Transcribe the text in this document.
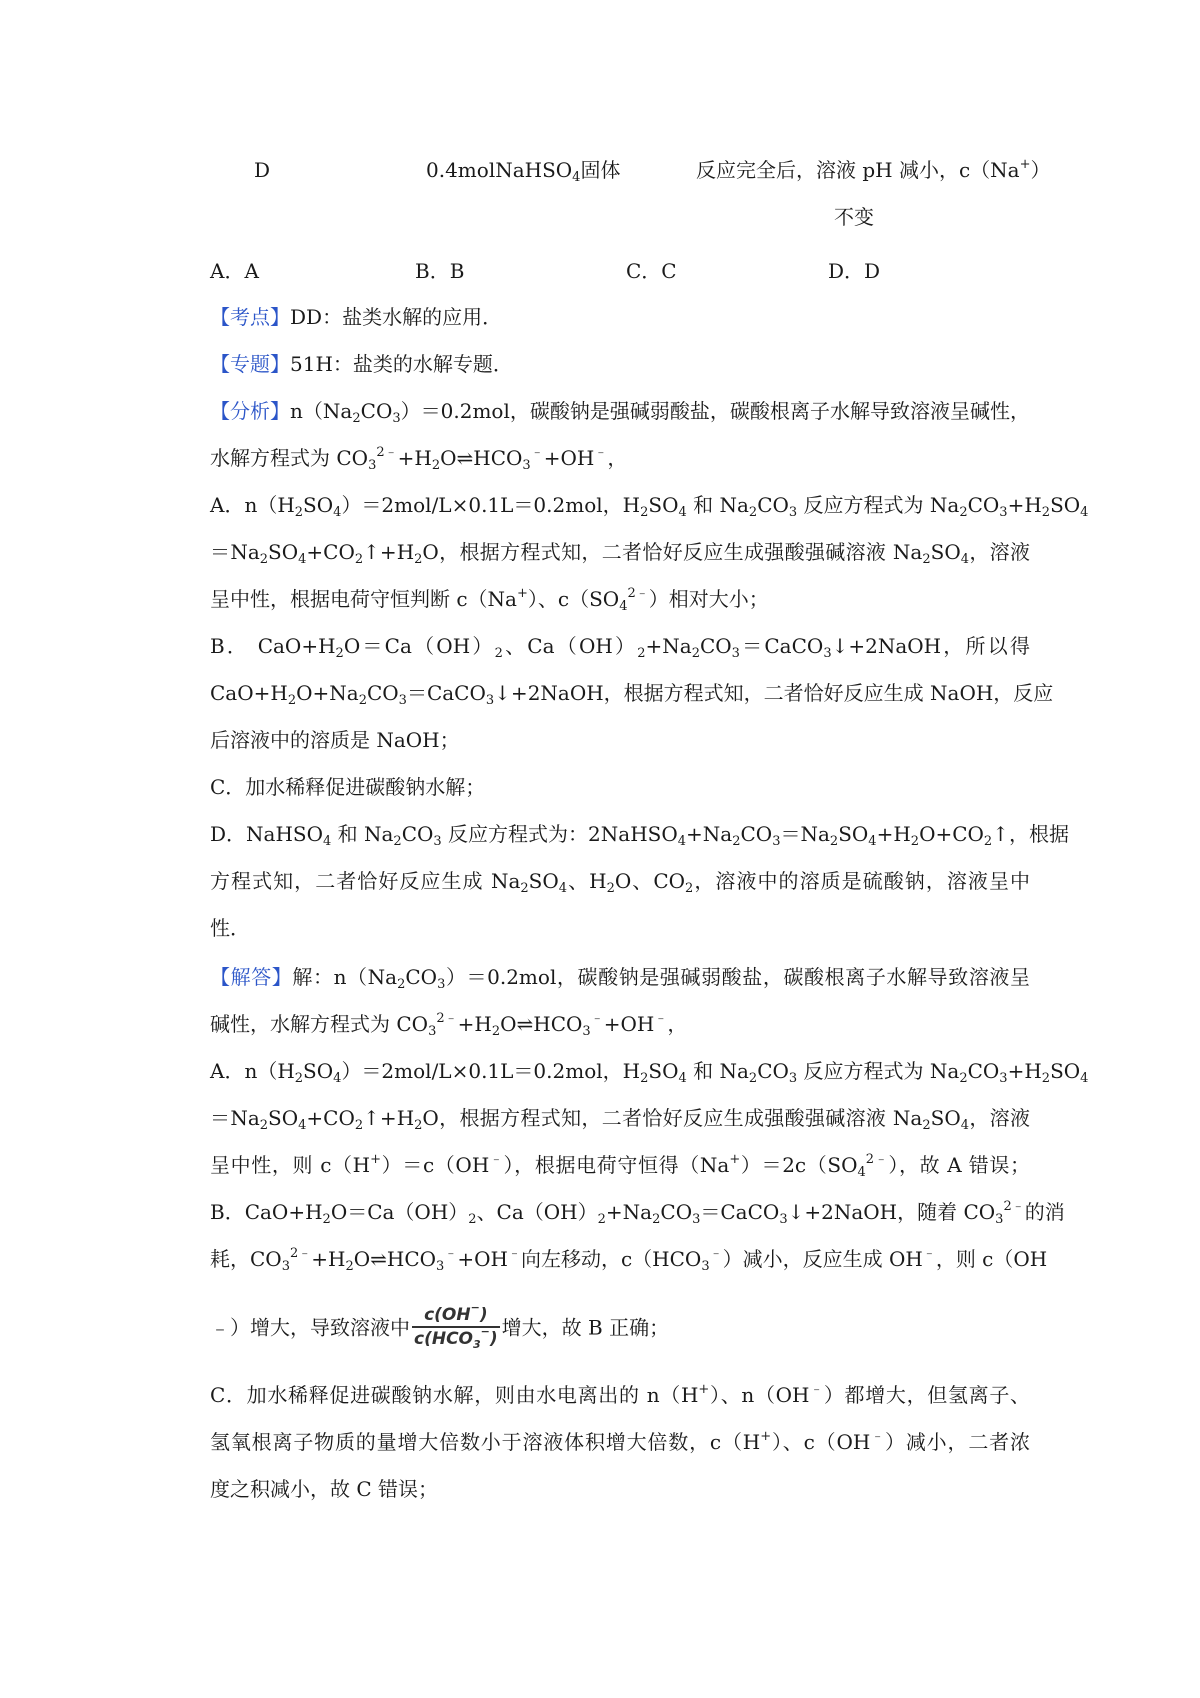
D	0.4molNaHSO$_4$固体	反应完全后，溶液 pH 减小，c（Na+）
不变
A．A	B．B	C．C	D．D
【考点】DD：盐类水解的应用．
【专题】51H：盐类的水解专题．
【分析】$n(Na_2CO_3)=0.2mol$，碳酸钠是强碱弱酸盐，碳酸根离子水解导致溶液呈碱性，
水解方程式为 $CO_3^{2﹣}+H_2O\rightleftharpoons HCO_3^﹣+OH^﹣$，
A．$n(H_2SO_4)=2mol/L\times 0.1L=0.2mol$，$H_2SO_4$ 和 $Na_2CO_3$ 反应方程式为 $Na_2CO_3+H_2SO_4$
$=Na_2SO_4+CO_2↑+H_2O$，根据方程式知，二者恰好反应生成强酸强碱溶液 $Na_2SO_4$，溶液
呈中性，根据电荷守恒判断 c（Na+）、$c(SO_4^{2﹣})$相对大小；
B． $CaO+H_2O=Ca(OH)_2$、$Ca(OH)_2+Na_2CO_3=CaCO_3↓+2NaOH$，所以得
$CaO+H_2O+Na_2CO_3=CaCO_3↓+2NaOH$，根据方程式知，二者恰好反应生成 NaOH，反应
后溶液中的溶质是 NaOH；
C．加水稀释促进碳酸钠水解；
D．NaHSO$_4$ 和 $Na_2CO_3$ 反应方程式为：$2NaHSO_4+Na_2CO_3=Na_2SO_4+H_2O+CO_2↑$，根据
方程式知，二者恰好反应生成 $Na_2SO_4$、$H_2O$、$CO_2$，溶液中的溶质是硫酸钠，溶液呈中
性．
【解答】解：$n(Na_2CO_3)=0.2mol$，碳酸钠是强碱弱酸盐，碳酸根离子水解导致溶液呈
碱性，水解方程式为 $CO_3^{2﹣}+H_2O\rightleftharpoons HCO_3^﹣+OH^﹣$，
A．$n(H_2SO_4)=2mol/L\times 0.1L=0.2mol$，$H_2SO_4$ 和 $Na_2CO_3$ 反应方程式为 $Na_2CO_3+H_2SO_4$
$=Na_2SO_4+CO_2↑+H_2O$，根据方程式知，二者恰好反应生成强酸强碱溶液 $Na_2SO_4$，溶液
呈中性，则 c（H+）＝c（OH﹣），根据电荷守恒得$(Na^+)=2c(SO_4^{2﹣})$，故 A 错误；
B．$CaO+H_2O=Ca(OH)_2$、$Ca(OH)_2+Na_2CO_3=CaCO_3↓+2NaOH$，随着 $CO_3^{2﹣}$的消
耗，$CO_3^{2﹣}+H_2O\rightleftharpoons HCO_3^﹣+OH^﹣$向左移动，$c(HCO_3^﹣)$减小，反应生成 OH﹣，则 c（OH
﹣）增大，导致溶液中 $\frac{c(OH^-)}{c(HCO_3^-)}$ 增大，故 B 正确；
C．加水稀释促进碳酸钠水解，则由水电离出的 n（H+）、n（OH﹣）都增大，但氢离子、
氢氧根离子物质的量增大倍数小于溶液体积增大倍数，c（H+）、c（OH﹣）减小，二者浓
度之积减小，故 C 错误；
